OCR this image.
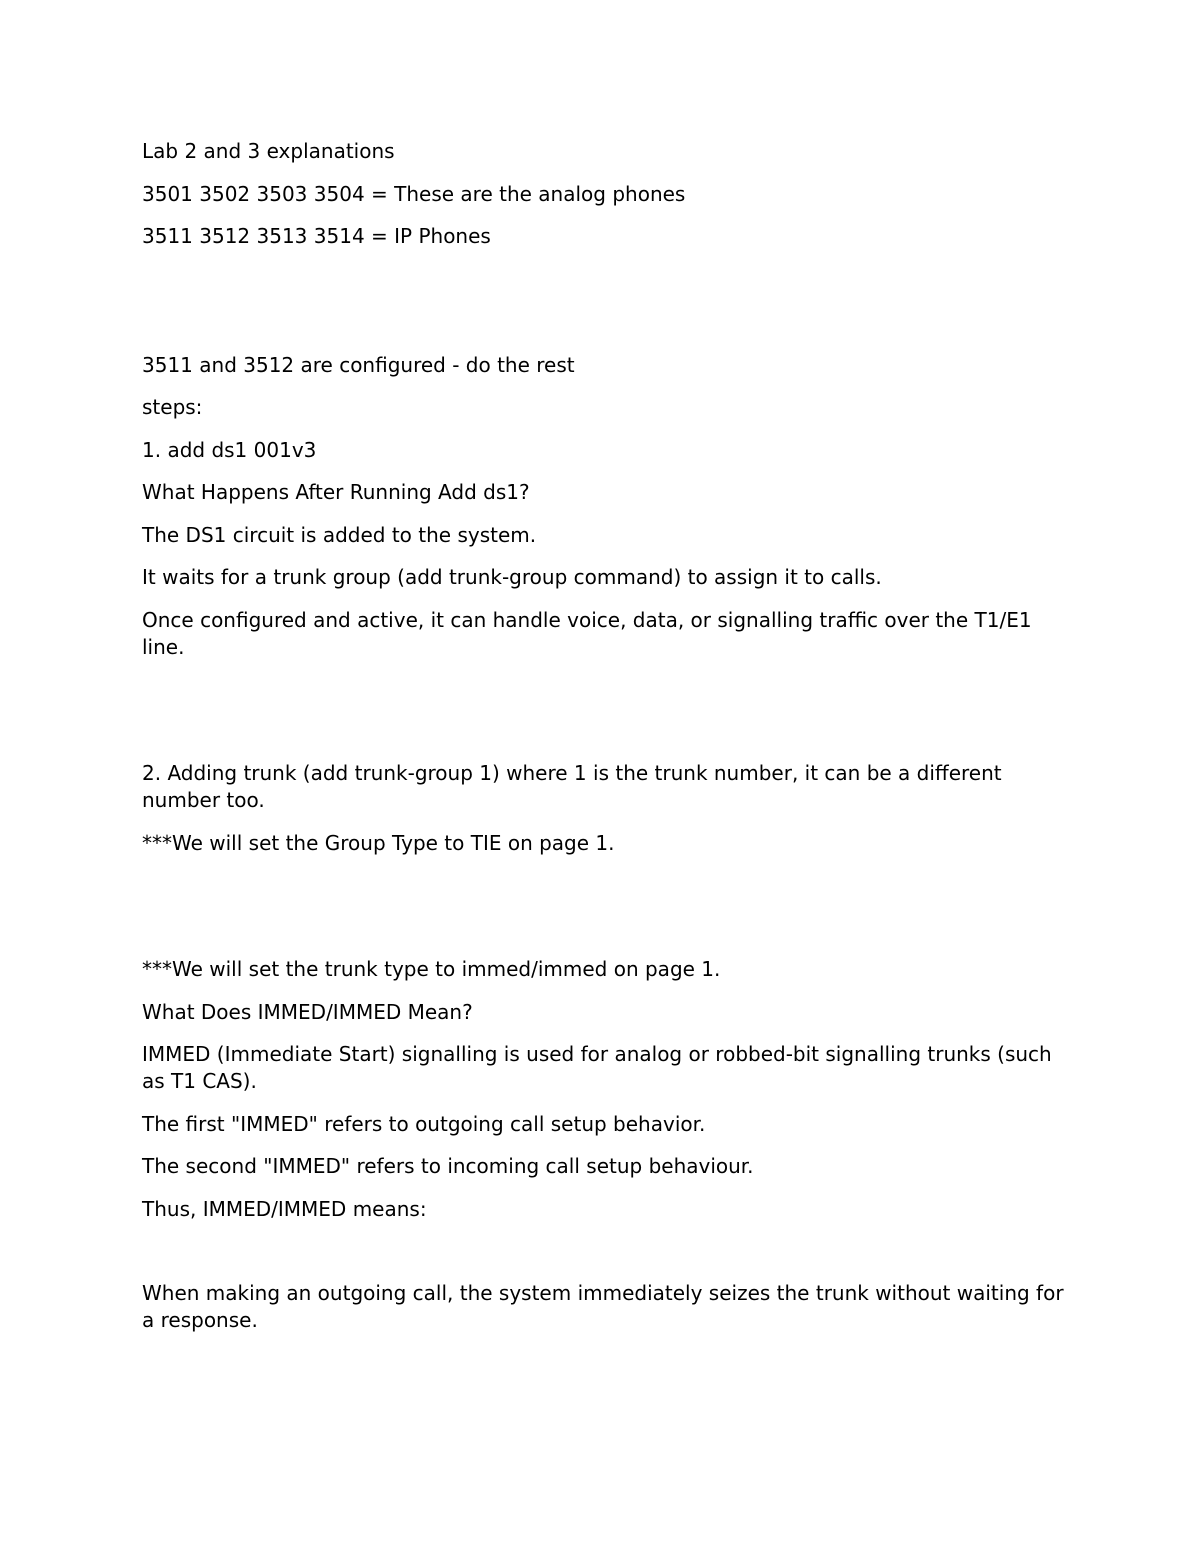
Lab 2 and 3 explanations

3501 3502 3503 3504 = These are the analog phones

3511 3512 3513 3514 = IP Phones

3511 and 3512 are configured - do the rest

steps:

1. add ds1 001v3

What Happens After Running Add ds1?

The DS1 circuit is added to the system.

It waits for a trunk group (add trunk-group command) to assign it to calls.

Once configured and active, it can handle voice, data, or signalling traffic over the T1/E1 line.

2. Adding trunk (add trunk-group 1) where 1 is the trunk number, it can be a different number too.

***We will set the Group Type to TIE on page 1.

***We will set the trunk type to immed/immed on page 1.

What Does IMMED/IMMED Mean?

IMMED (Immediate Start) signalling is used for analog or robbed-bit signalling trunks (such as T1 CAS).

The first "IMMED" refers to outgoing call setup behavior.

The second "IMMED" refers to incoming call setup behaviour.

Thus, IMMED/IMMED means:

When making an outgoing call, the system immediately seizes the trunk without waiting for a response.
